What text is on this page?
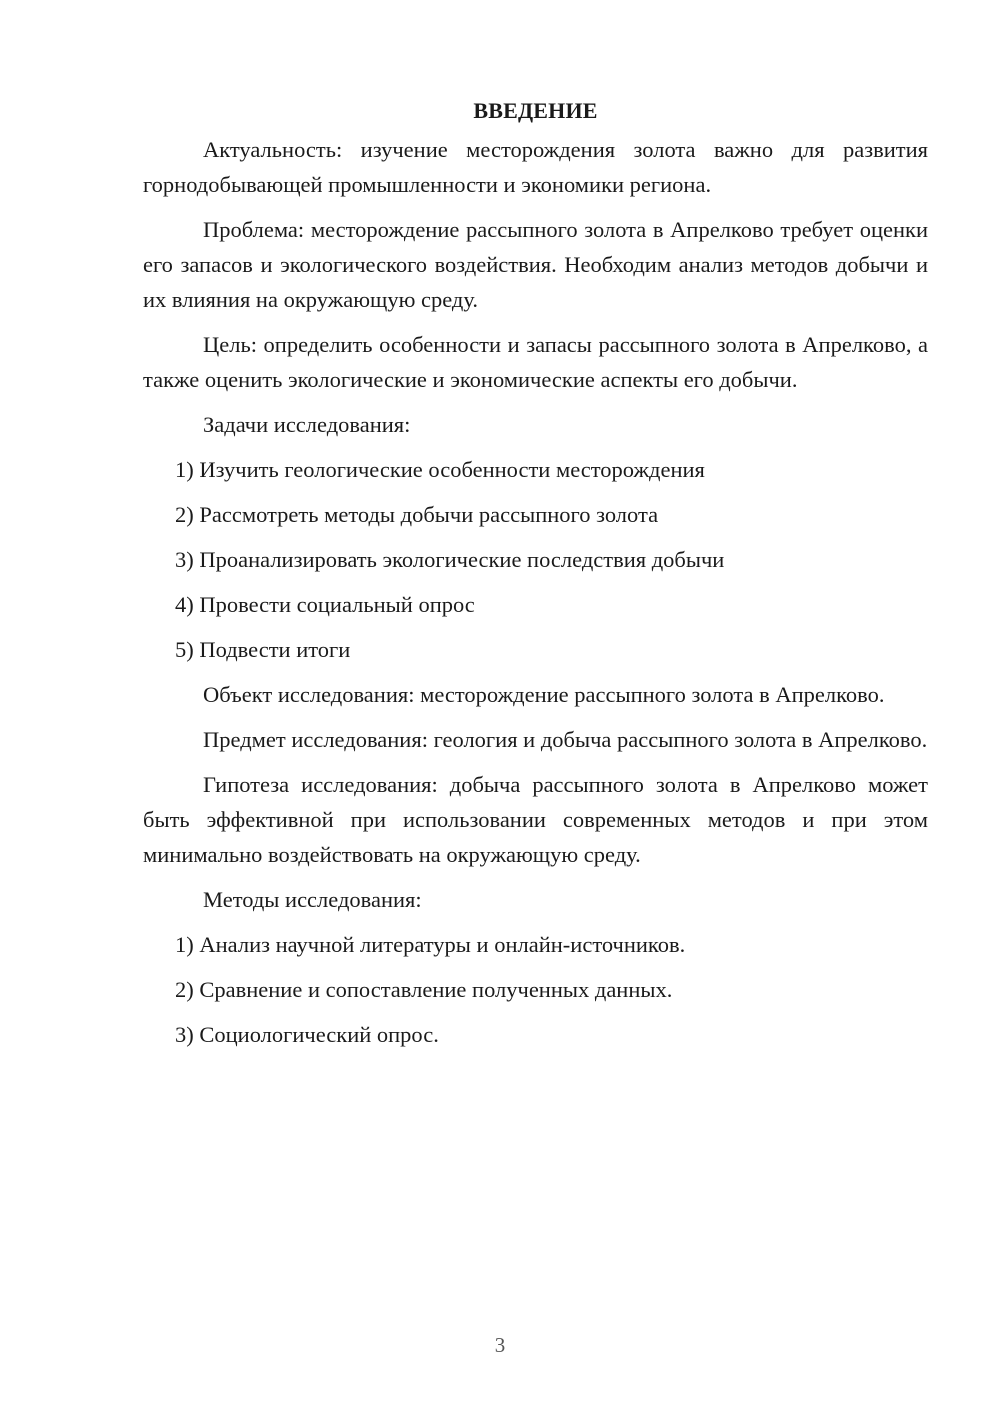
ВВЕДЕНИЕ

Актуальность: изучение месторождения золота важно для развития горнодобывающей промышленности и экономики региона.

Проблема: месторождение рассыпного золота в Апрелково требует оценки его запасов и экологического воздействия. Необходим анализ методов добычи и их влияния на окружающую среду.

Цель: определить особенности и запасы рассыпного золота в Апрелково, а также оценить экологические и экономические аспекты его добычи.

Задачи исследования:

1) Изучить геологические особенности месторождения

2) Рассмотреть методы добычи рассыпного золота

3) Проанализировать экологические последствия добычи

4) Провести социальный опрос

5) Подвести итоги

Объект исследования: месторождение рассыпного золота в Апрелково.

Предмет исследования: геология и добыча рассыпного золота в Апрелково.

Гипотеза исследования: добыча рассыпного золота в Апрелково может быть эффективной при использовании современных методов и при этом минимально воздействовать на окружающую среду.

Методы исследования:

1) Анализ научной литературы и онлайн-источников.

2) Сравнение и сопоставление полученных данных.

3) Социологический опрос.

3
